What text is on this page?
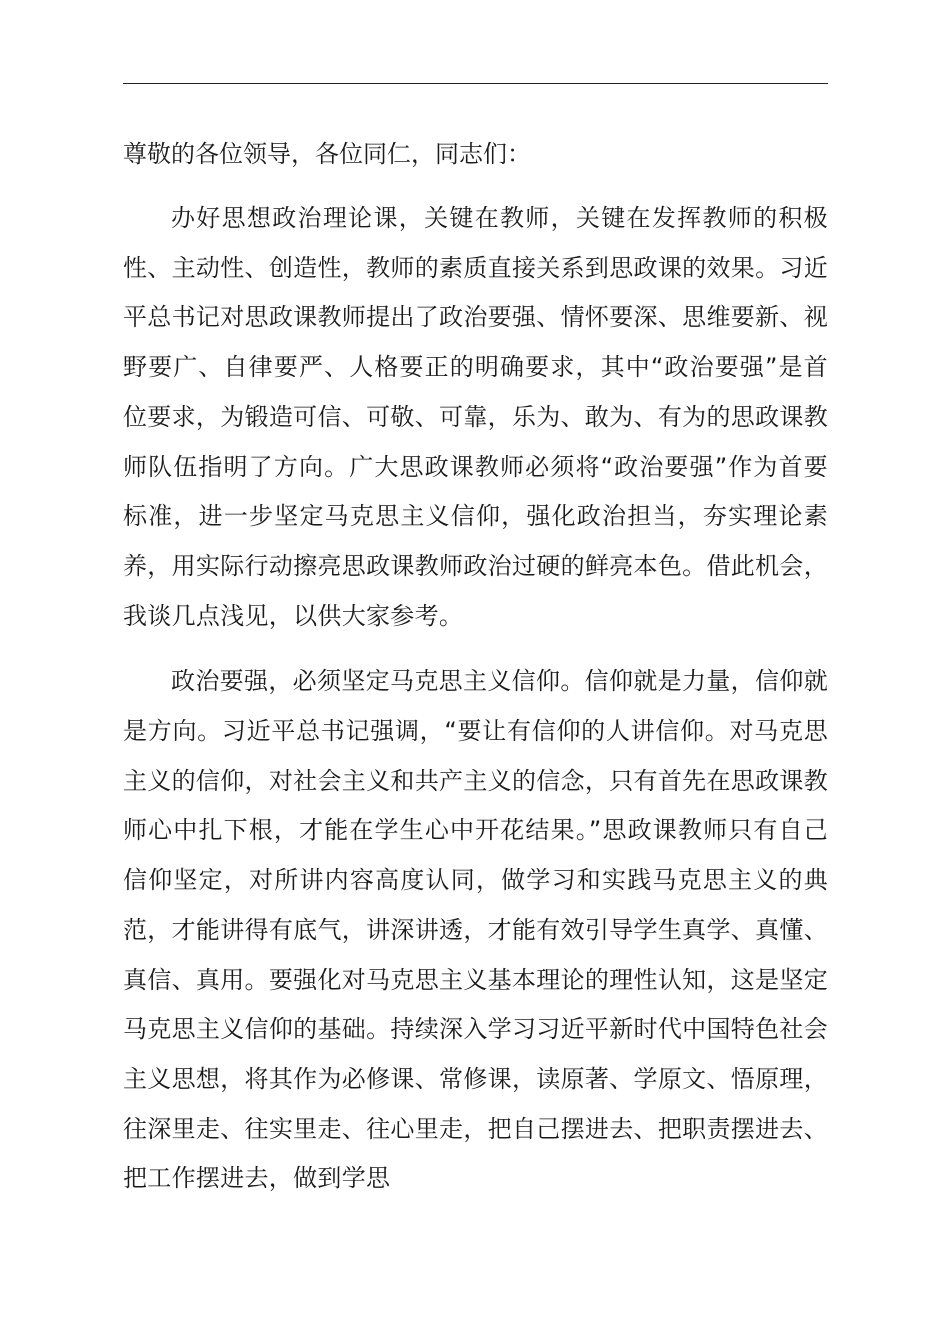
尊敬的各位领导，各位同仁，同志们：

办好思想政治理论课，关键在教师，关键在发挥教师的积极性、主动性、创造性，教师的素质直接关系到思政课的效果。习近平总书记对思政课教师提出了政治要强、情怀要深、思维要新、视野要广、自律要严、人格要正的明确要求，其中“政治要强”是首位要求，为锻造可信、可敬、可靠，乐为、敢为、有为的思政课教师队伍指明了方向。广大思政课教师必须将“政治要强”作为首要标准，进一步坚定马克思主义信仰，强化政治担当，夯实理论素养，用实际行动擦亮思政课教师政治过硬的鲜亮本色。借此机会，我谈几点浅见，以供大家参考。

政治要强，必须坚定马克思主义信仰。信仰就是力量，信仰就是方向。习近平总书记强调，“要让有信仰的人讲信仰。对马克思主义的信仰，对社会主义和共产主义的信念，只有首先在思政课教师心中扎下根，才能在学生心中开花结果。”思政课教师只有自己信仰坚定，对所讲内容高度认同，做学习和实践马克思主义的典范，才能讲得有底气，讲深讲透，才能有效引导学生真学、真懂、真信、真用。要强化对马克思主义基本理论的理性认知，这是坚定马克思主义信仰的基础。持续深入学习习近平新时代中国特色社会主义思想，将其作为必修课、常修课，读原著、学原文、悟原理，往深里走、往实里走、往心里走，把自己摆进去、把职责摆进去、把工作摆进去，做到学思
